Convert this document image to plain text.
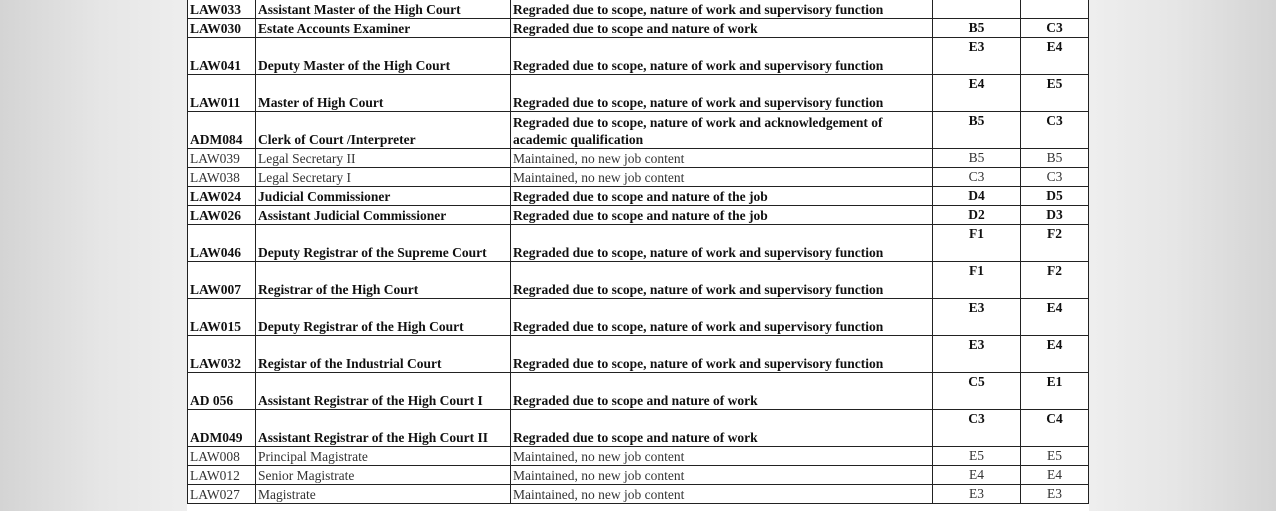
LAW033	Assistant Master of the High Court	Regraded due to scope, nature of work and supervisory function		
LAW030	Estate Accounts Examiner	Regraded due to scope and nature of work	B5	C3
LAW041	Deputy Master of the High Court	Regraded due to scope, nature of work and supervisory function	E3	E4
LAW011	Master of High Court	Regraded due to scope, nature of work and supervisory function	E4	E5
ADM084	Clerk of Court /Interpreter	Regraded due to scope, nature of work and acknowledgement of academic qualification	B5	C3
LAW039	Legal Secretary II	Maintained, no new job content	B5	B5
LAW038	Legal Secretary I	Maintained, no new job content	C3	C3
LAW024	Judicial Commissioner	Regraded due to scope and nature of the job	D4	D5
LAW026	Assistant Judicial Commissioner	Regraded due to scope and nature of the job	D2	D3
LAW046	Deputy Registrar of the Supreme Court	Regraded due to scope, nature of work and supervisory function	F1	F2
LAW007	Registrar of the High Court	Regraded due to scope, nature of work and supervisory function	F1	F2
LAW015	Deputy Registrar of the High Court	Regraded due to scope, nature of work and supervisory function	E3	E4
LAW032	Registar of the Industrial Court	Regraded due to scope, nature of work and supervisory function	E3	E4
AD 056	Assistant Registrar of the High Court I	Regraded due to scope and nature of work	C5	E1
ADM049	Assistant Registrar of the High Court II	Regraded due to scope and nature of work	C3	C4
LAW008	Principal Magistrate	Maintained, no new job content	E5	E5
LAW012	Senior Magistrate	Maintained, no new job content	E4	E4
LAW027	Magistrate	Maintained, no new job content	E3	E3
